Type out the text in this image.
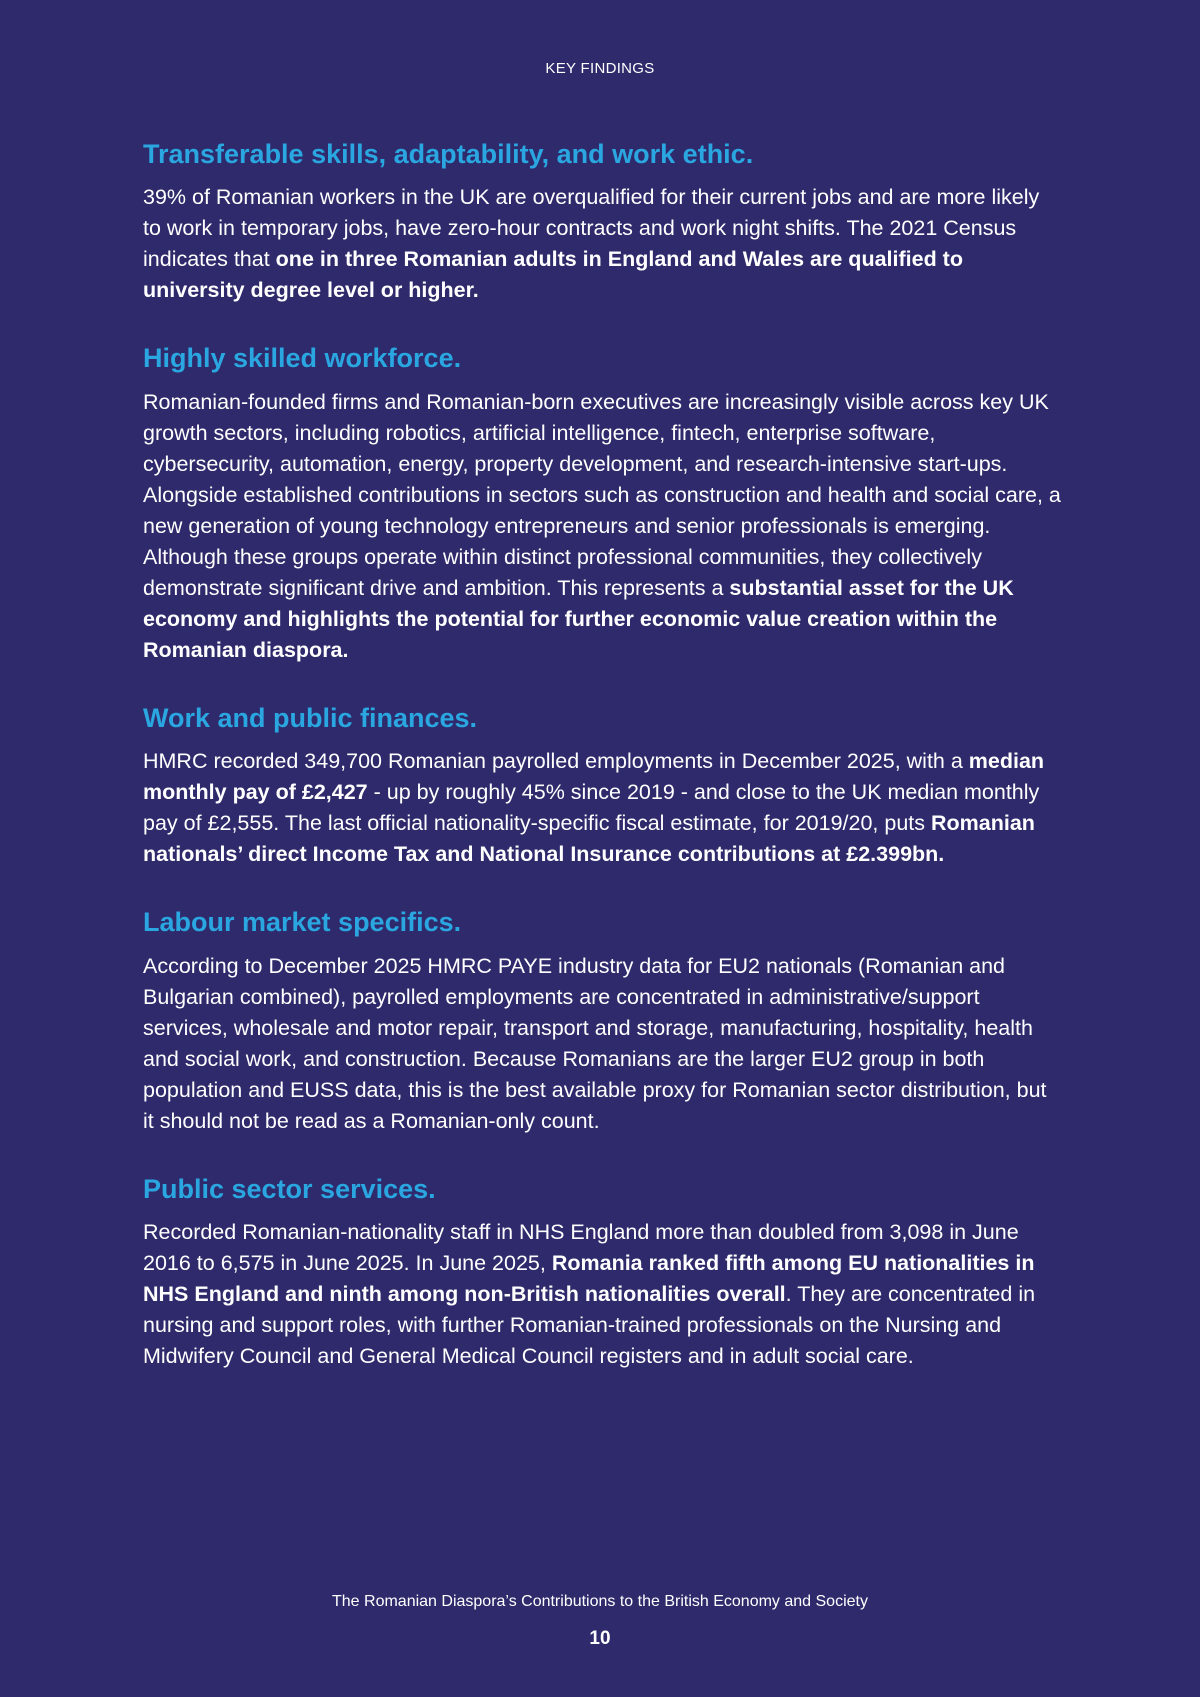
KEY FINDINGS
Transferable skills, adaptability, and work ethic.

39% of Romanian workers in the UK are overqualified for their current jobs and are more likely to work in temporary jobs, have zero-hour contracts and work night shifts. The 2021 Census indicates that one in three Romanian adults in England and Wales are qualified to university degree level or higher.

Highly skilled workforce.

Romanian-founded firms and Romanian-born executives are increasingly visible across key UK growth sectors, including robotics, artificial intelligence, fintech, enterprise software, cybersecurity, automation, energy, property development, and research-intensive start-ups. Alongside established contributions in sectors such as construction and health and social care, a new generation of young technology entrepreneurs and senior professionals is emerging. Although these groups operate within distinct professional communities, they collectively demonstrate significant drive and ambition. This represents a substantial asset for the UK economy and highlights the potential for further economic value creation within the Romanian diaspora.

Work and public finances.

HMRC recorded 349,700 Romanian payrolled employments in December 2025, with a median monthly pay of £2,427 - up by roughly 45% since 2019 - and close to the UK median monthly pay of £2,555. The last official nationality-specific fiscal estimate, for 2019/20, puts Romanian nationals’ direct Income Tax and National Insurance contributions at £2.399bn.

Labour market specifics.

According to December 2025 HMRC PAYE industry data for EU2 nationals (Romanian and Bulgarian combined), payrolled employments are concentrated in administrative/support services, wholesale and motor repair, transport and storage, manufacturing, hospitality, health and social work, and construction. Because Romanians are the larger EU2 group in both population and EUSS data, this is the best available proxy for Romanian sector distribution, but it should not be read as a Romanian-only count.

Public sector services.

Recorded Romanian-nationality staff in NHS England more than doubled from 3,098 in June 2016 to 6,575 in June 2025. In June 2025, Romania ranked fifth among EU nationalities in NHS England and ninth among non-British nationalities overall. They are concentrated in nursing and support roles, with further Romanian-trained professionals on the Nursing and Midwifery Council and General Medical Council registers and in adult social care.

The Romanian Diaspora’s Contributions to the British Economy and Society
10
